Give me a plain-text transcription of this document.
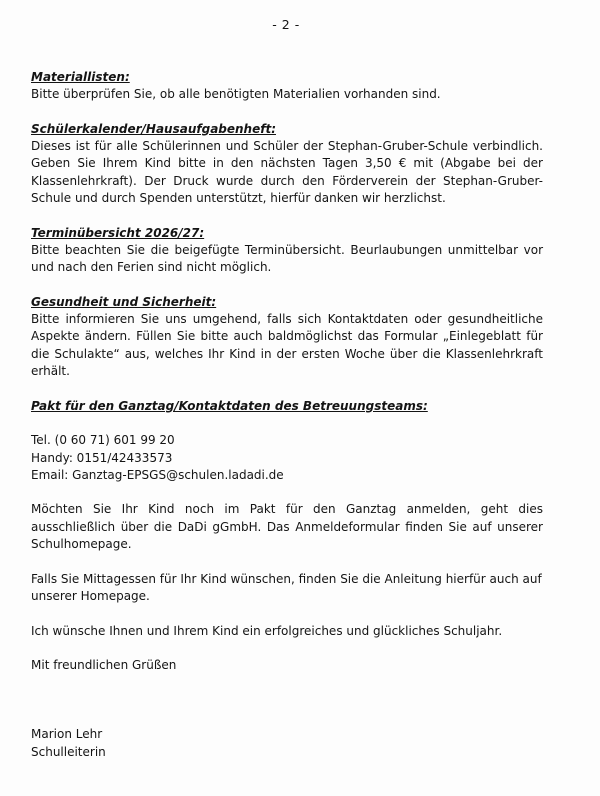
- 2 -

Materiallisten:

Bitte überprüfen Sie, ob alle benötigten Materialien vorhanden sind.

Schülerkalender/Hausaufgabenheft:

Dieses ist für alle Schülerinnen und Schüler der Stephan-Gruber-Schule verbindlich. Geben Sie Ihrem Kind bitte in den nächsten Tagen 3,50 € mit (Abgabe bei der Klassenlehrkraft). Der Druck wurde durch den Förderverein der Stephan-Gruber-Schule und durch Spenden unterstützt, hierfür danken wir herzlichst.

Terminübersicht 2026/27:

Bitte beachten Sie die beigefügte Terminübersicht. Beurlaubungen unmittelbar vor und nach den Ferien sind nicht möglich.

Gesundheit und Sicherheit:

Bitte informieren Sie uns umgehend, falls sich Kontaktdaten oder gesundheitliche Aspekte ändern. Füllen Sie bitte auch baldmöglichst das Formular „Einlegeblatt für die Schulakte“ aus, welches Ihr Kind in der ersten Woche über die Klassenlehrkraft erhält.

Pakt für den Ganztag/Kontaktdaten des Betreuungsteams:

Tel. (0 60 71) 601 99 20

Handy: 0151/42433573

Email: Ganztag-EPSGS@schulen.ladadi.de

Möchten Sie Ihr Kind noch im Pakt für den Ganztag anmelden, geht dies ausschließlich über die DaDi gGmbH. Das Anmeldeformular finden Sie auf unserer Schulhomepage.

Falls Sie Mittagessen für Ihr Kind wünschen, finden Sie die Anleitung hierfür auch auf unserer Homepage.

Ich wünsche Ihnen und Ihrem Kind ein erfolgreiches und glückliches Schuljahr.

Mit freundlichen Grüßen

Marion Lehr

Schulleiterin
